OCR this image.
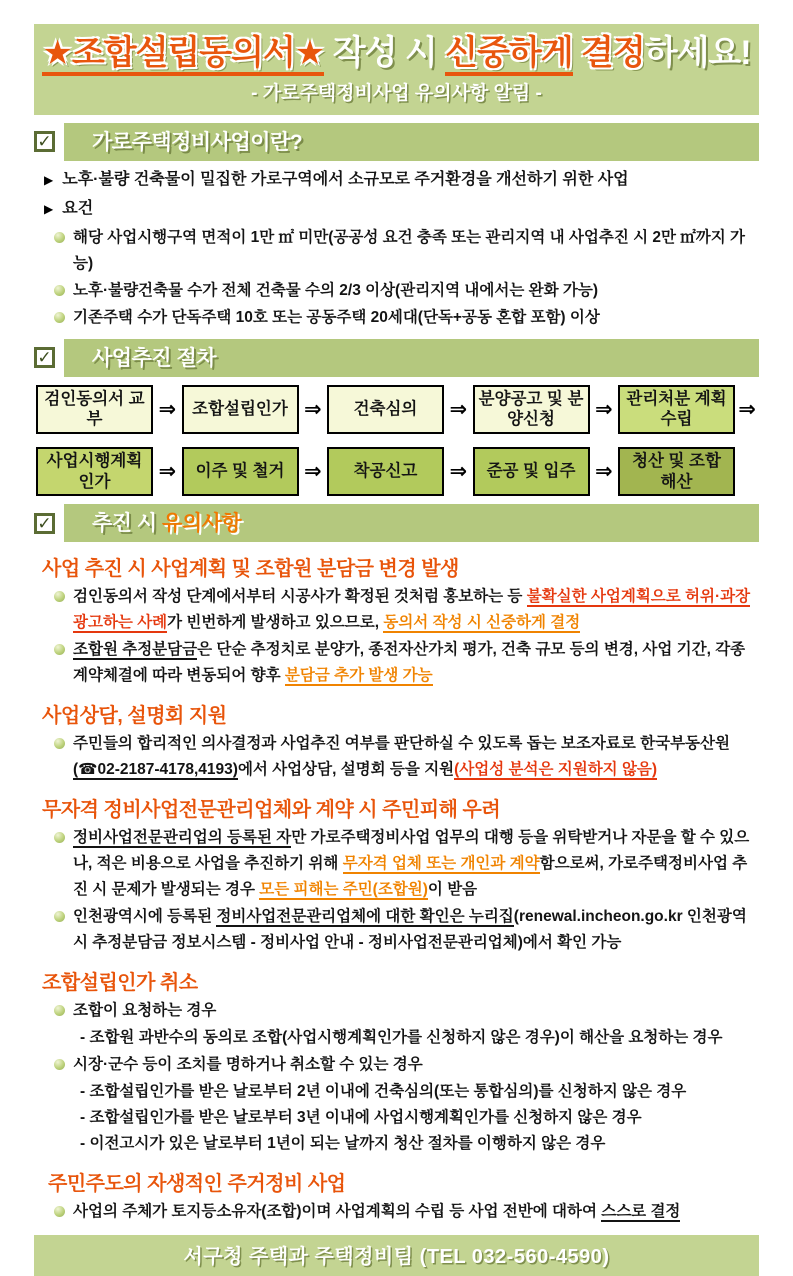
★조합설립동의서★ 작성 시 신중하게 결정하세요!
- 가로주택정비사업 유의사항 알림 -
✓	가로주택정비사업이란?
▶ 노후·불량 건축물이 밀집한 가로구역에서 소규모로 주거환경을 개선하기 위한 사업
▶ 요건
해당 사업시행구역 면적이 1만 ㎡ 미만(공공성 요건 충족 또는 관리지역 내 사업추진 시 2만 ㎡까지 가능)
노후·불량건축물 수가 전체 건축물 수의 2/3 이상(관리지역 내에서는 완화 가능)
기존주택 수가 단독주택 10호 또는 공동주택 20세대(단독+공동 혼합 포함) 이상
✓	사업추진 절차
검인동의서 교부	⇒ 조합설립인가 ⇒	건축심의	⇒ 분양공고 및 분양신청	⇒ 관리처분 계획 수립	⇒
사업시행계획 인가	⇒	이주 및 철거 ⇒	착공신고	⇒	준공 및 입주 ⇒	청산 및 조합 해산
✓	추진 시 유의사항
사업 추진 시 사업계획 및 조합원 분담금 변경 발생
검인동의서 작성 단계에서부터 시공사가 확정된 것처럼 홍보하는 등 불확실한 사업계획으로 허위·과장 광고하는 사례가 빈번하게 발생하고 있으므로, 동의서 작성 시 신중하게 결정
조합원 추정분담금은 단순 추정치로 분양가, 종전자산가치 평가, 건축 규모 등의 변경, 사업 기간, 각종 계약체결에 따라 변동되어 향후 분담금 추가 발생 가능
사업상담, 설명회 지원
주민들의 합리적인 의사결정과 사업추진 여부를 판단하실 수 있도록 돕는 보조자료로 한국부동산원 (☎02-2187-4178,4193)에서 사업상담, 설명회 등을 지원(사업성 분석은 지원하지 않음)
무자격 정비사업전문관리업체와 계약 시 주민피해 우려
정비사업전문관리업의 등록된 자만 가로주택정비사업 업무의 대행 등을 위탁받거나 자문을 할 수 있으나, 적은 비용으로 사업을 추진하기 위해 무자격 업체 또는 개인과 계약함으로써, 가로주택정비사업 추진 시 문제가 발생되는 경우 모든 피해는 주민(조합원)이 받음
인천광역시에 등록된 정비사업전문관리업체에 대한 확인은 누리집(renewal.incheon.go.kr 인천광역시 추정분담금 정보시스템 - 정비사업 안내 - 정비사업전문관리업체)에서 확인 가능
조합설립인가 취소
조합이 요청하는 경우
- 조합원 과반수의 동의로 조합(사업시행계획인가를 신청하지 않은 경우)이 해산을 요청하는 경우
시장·군수 등이 조치를 명하거나 취소할 수 있는 경우
- 조합설립인가를 받은 날로부터 2년 이내에 건축심의(또는 통합심의)를 신청하지 않은 경우
- 조합설립인가를 받은 날로부터 3년 이내에 사업시행계획인가를 신청하지 않은 경우
- 이전고시가 있은 날로부터 1년이 되는 날까지 청산 절차를 이행하지 않은 경우
주민주도의 자생적인 주거정비 사업
사업의 주체가 토지등소유자(조합)이며 사업계획의 수립 등 사업 전반에 대하여 스스로 결정
서구청 주택과 주택정비팀 (TEL 032-560-4590)
